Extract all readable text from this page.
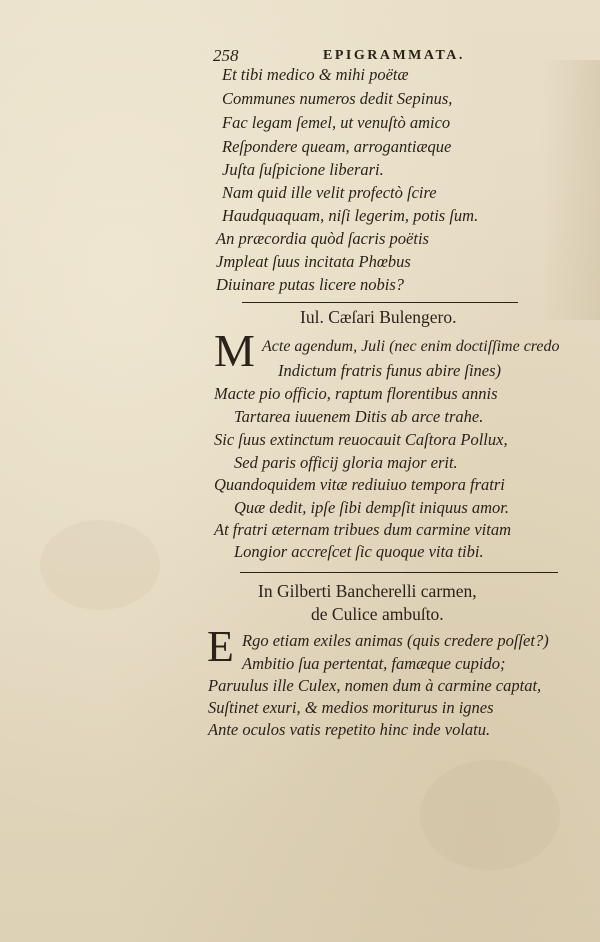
258	EPIGRAMMATA.
Et tibi medico & mihi poëtæ
Communes numeros dedit Sepinus,
Fac legam ſemel, ut venuſtò amico
Reſpondere queam, arrogantiæque
Juſta ſuſpicione liberari.
Nam quid ille velit profectò ſcire
Haudquaquam, niſi legerim, potis ſum.
An præcordia quòd ſacris poëtis
Jmpleat ſuus incitata Phœbus
Diuinare putas licere nobis?
Iul. Cæſari Bulengero.
M Acte agendum, Juli (nec enim doctiſſime credo
Indictum fratris funus abire ſines)
Macte pio officio, raptum florentibus annis
Tartarea iuuenem Ditis ab arce trahe.
Sic ſuus extinctum reuocauit Caſtora Pollux,
Sed paris officij gloria major erit.
Quandoquidem vitæ rediuiuo tempora fratri
Quæ dedit, ipſe ſibi dempſit iniquus amor.
At fratri æternam tribues dum carmine vitam
Longior accreſcet ſic quoque vita tibi.
In Gilberti Bancherelli carmen,
de Culice ambuſto.
E Rgo etiam exiles animas (quis credere poſſet?)
Ambitio ſua pertentat, famæque cupido;
Paruulus ille Culex, nomen dum à carmine captat,
Suſtinet exuri, & medios moriturus in ignes
Ante oculos vatis repetito hinc inde volatu.
